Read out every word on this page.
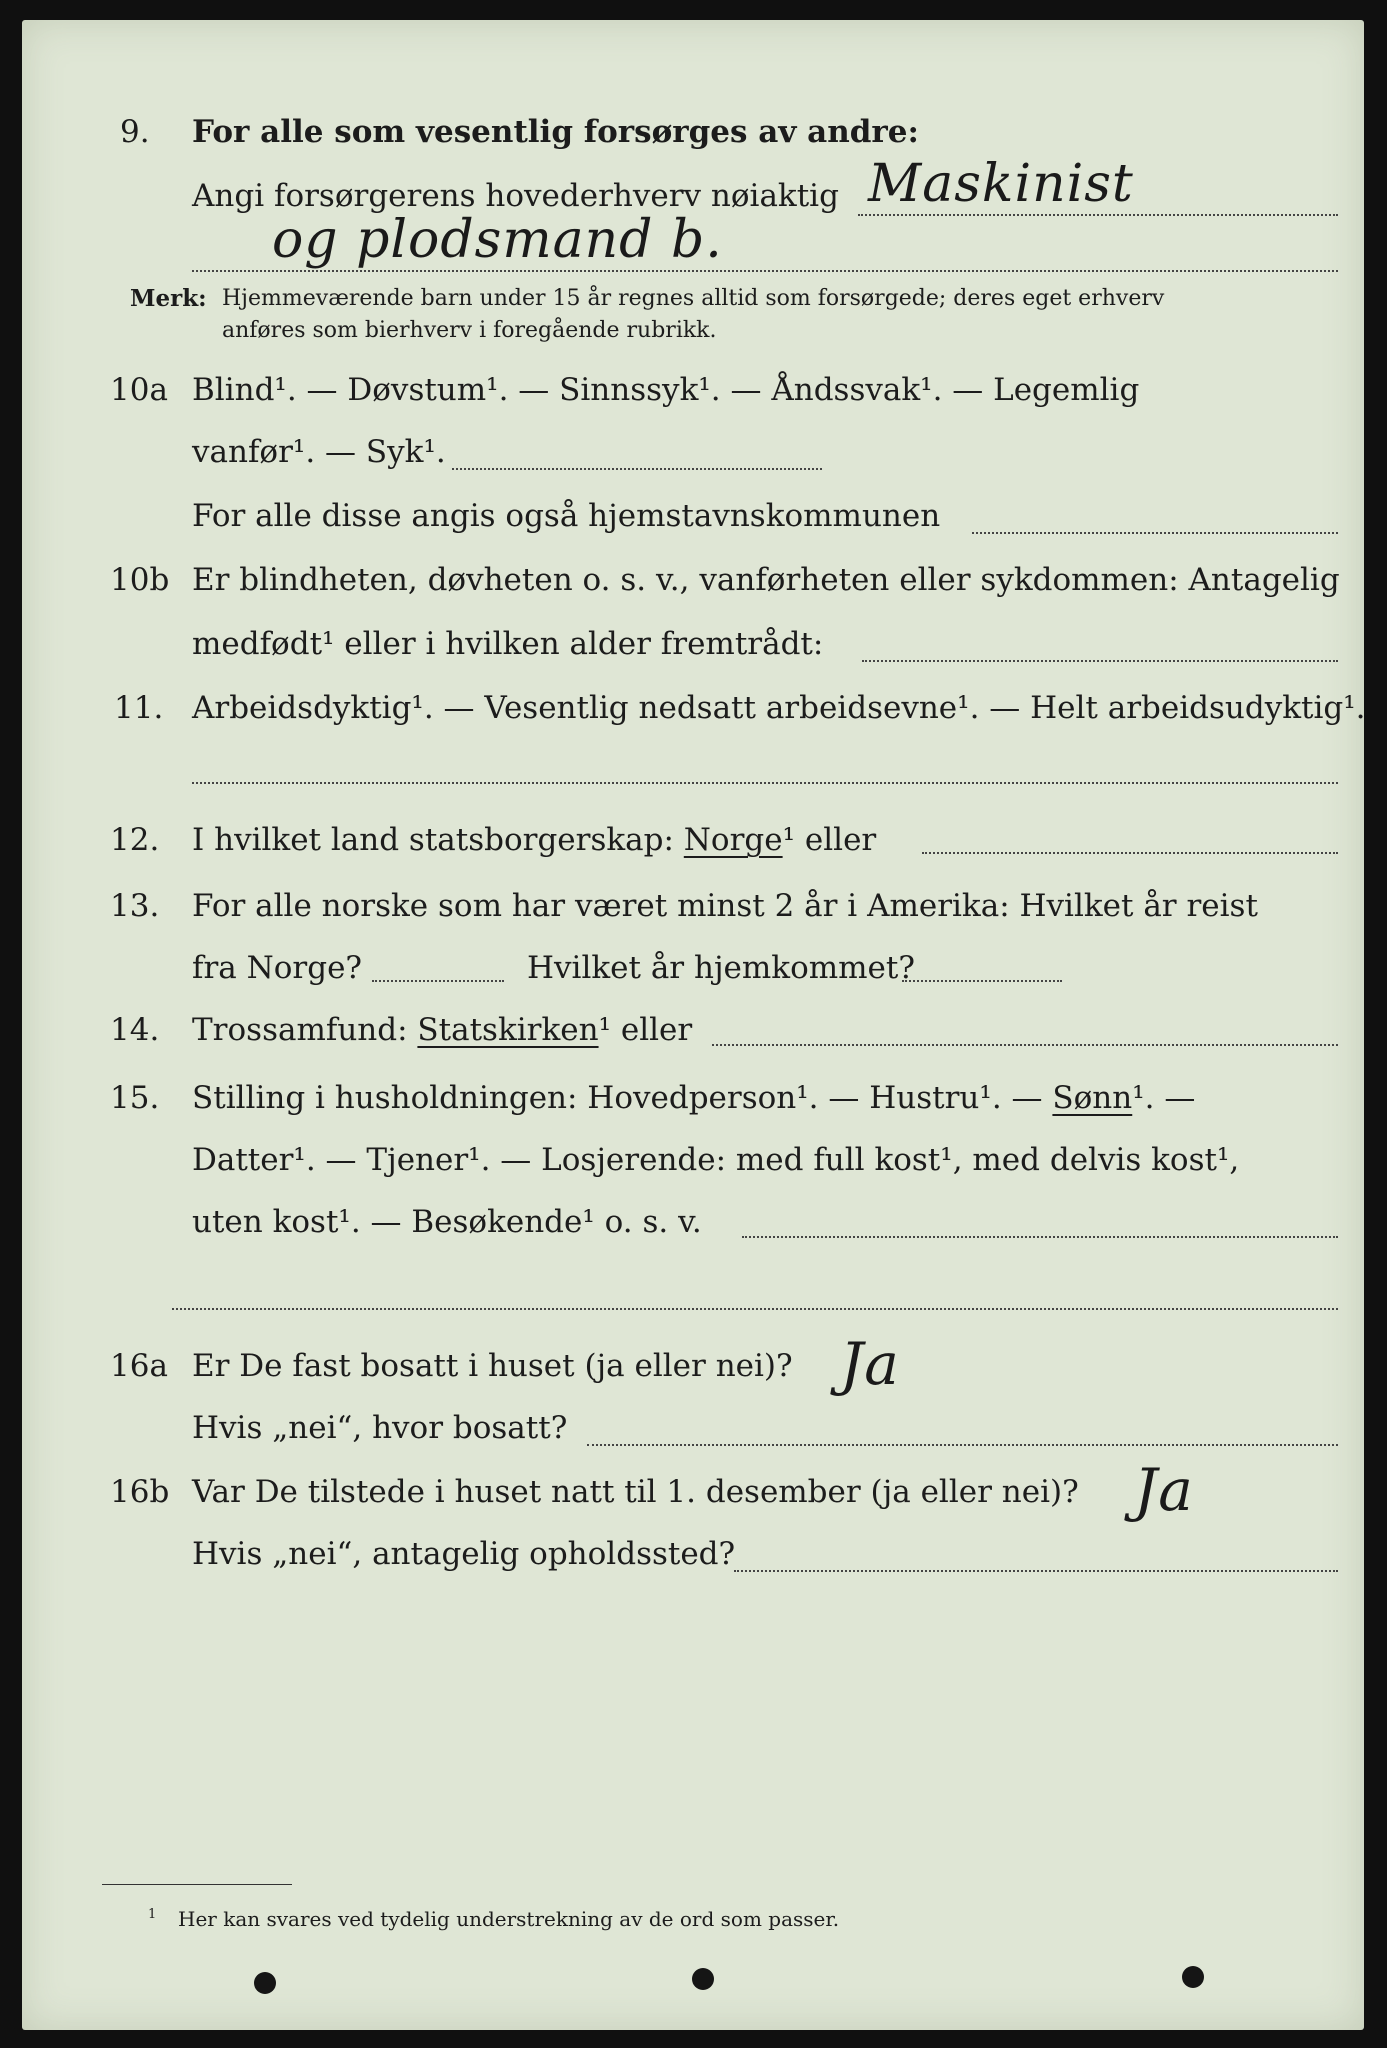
9. For alle som vesentlig forsørges av andre:
Angi forsørgerens hovederhverv nøiaktig Maskinist
og plodsmand b.
Merk: Hjemmeværende barn under 15 år regnes alltid som forsørgede; deres eget erhverv
anføres som bierhverv i foregående rubrikk.
10a Blind¹. — Døvstum¹. — Sinnssyk¹. — Åndssvak¹. — Legemlig
vanfør¹. — Syk¹.
For alle disse angis også hjemstavnskommunen
10b Er blindheten, døvheten o. s. v., vanførheten eller sykdommen: Antagelig
medfødt¹ eller i hvilken alder fremtrådt:
11. Arbeidsdyktig¹. — Vesentlig nedsatt arbeidsevne¹. — Helt arbeidsudyktig¹.
12. I hvilket land statsborgerskap: Norge¹ eller
13. For alle norske som har været minst 2 år i Amerika: Hvilket år reist
fra Norge?	Hvilket år hjemkommet?
14. Trossamfund: Statskirken¹ eller
15. Stilling i husholdningen: Hovedperson¹. — Hustru¹. — Sønn¹. —
Datter¹. — Tjener¹. — Losjerende: med full kost¹, med delvis kost¹,
uten kost¹. — Besøkende¹ o. s. v.
16a Er De fast bosatt i huset (ja eller nei)? Ja
Hvis „nei“, hvor bosatt?
16b Var De tilstede i huset natt til 1. desember (ja eller nei)? Ja
Hvis „nei“, antagelig opholdssted?
1 Her kan svares ved tydelig understrekning av de ord som passer.
